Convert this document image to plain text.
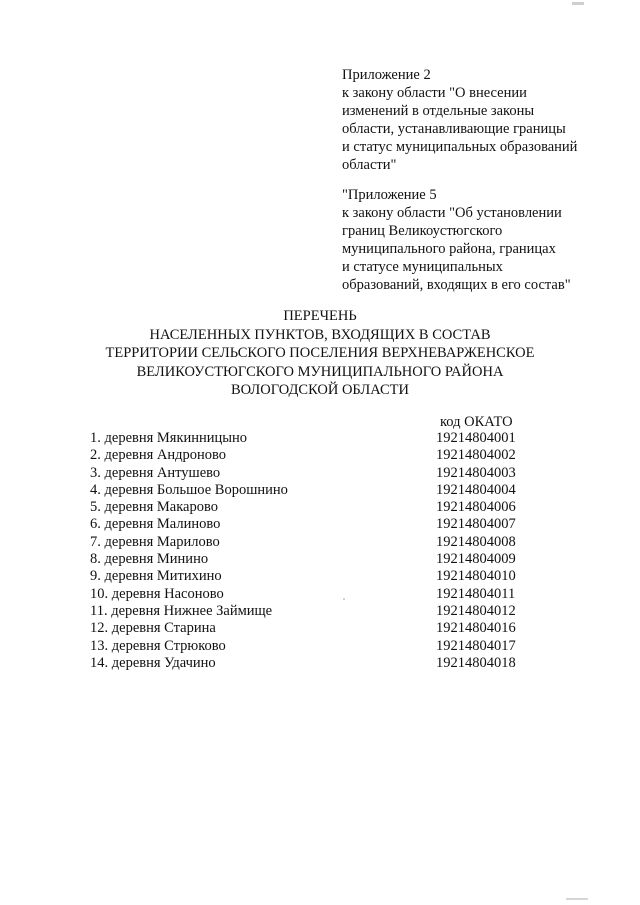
Приложение 2
к закону области "О внесении
изменений в отдельные законы
области, устанавливающие границы
и статус муниципальных образований
области"
"Приложение 5
к закону области "Об установлении
границ Великоустюгского
муниципального района, границах
и статусе муниципальных
образований, входящих в его состав"
ПЕРЕЧЕНЬ
НАСЕЛЕННЫХ ПУНКТОВ, ВХОДЯЩИХ В СОСТАВ
ТЕРРИТОРИИ СЕЛЬСКОГО ПОСЕЛЕНИЯ ВЕРХНЕВАРЖЕНСКОЕ
ВЕЛИКОУСТЮГСКОГО МУНИЦИПАЛЬНОГО РАЙОНА
ВОЛОГОДСКОЙ ОБЛАСТИ
код ОКАТО
1. деревня Мякинницыно	19214804001
2. деревня Андроново	19214804002
3. деревня Антушево	19214804003
4. деревня Большое Ворошнино	19214804004
5. деревня Макарово	19214804006
6. деревня Малиново	19214804007
7. деревня Марилово	19214804008
8. деревня Минино	19214804009
9. деревня Митихино	19214804010
10. деревня Насоново	19214804011
11. деревня Нижнее Займище	19214804012
12. деревня Старина	19214804016
13. деревня Стрюково	19214804017
14. деревня Удачино	19214804018
